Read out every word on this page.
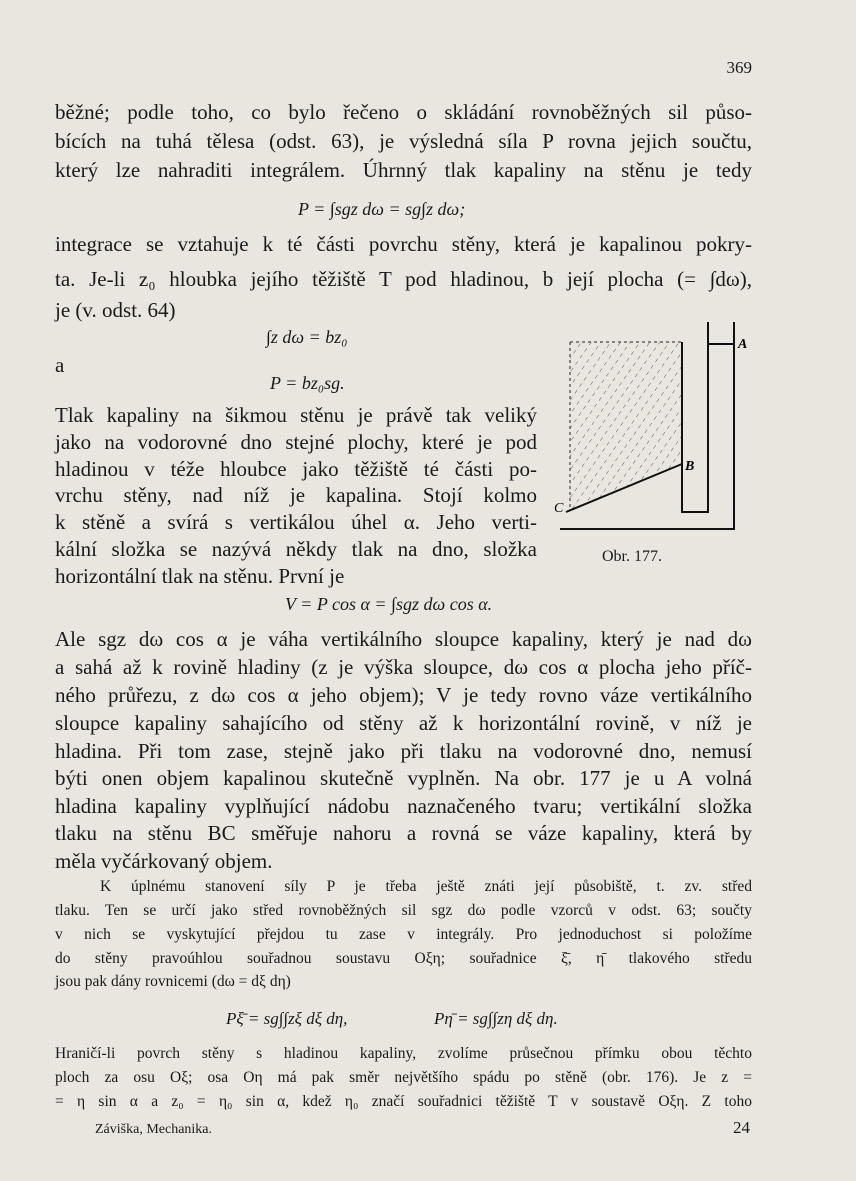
369
běžné; podle toho, co bylo řečeno o skládání rovnoběžných sil půso-
bících na tuhá tělesa (odst. 63), je výsledná síla P rovna jejich součtu,
který lze nahraditi integrálem. Úhrnný tlak kapaliny na stěnu je tedy
P = ∫sgz dω = sg∫z dω;
integrace se vztahuje k té části povrchu stěny, která je kapalinou pokry-
ta. Je-li z₀ hloubka jejího těžiště T pod hladinou, b její plocha (= ∫dω),
je (v. odst. 64)
∫z dω = bz₀
a
P = bz₀sg.
Tlak kapaliny na šikmou stěnu je právě tak veliký
jako na vodorovné dno stejné plochy, které je pod
hladinou v téže hloubce jako těžiště té části po-
vrchu stěny, nad níž je kapalina. Stojí kolmo
k stěně a svírá s vertikálou úhel α. Jeho verti-
kální složka se nazývá někdy tlak na dno, složka
horizontální tlak na stěnu. První je
V = P cos α = ∫sgz dω cos α.
Ale sgz dω cos α je váha vertikálního sloupce kapaliny, který je nad dω
a sahá až k rovině hladiny (z je výška sloupce, dω cos α plocha jeho příč-
ného průřezu, z dω cos α jeho objem); V je tedy rovno váze vertikálního
sloupce kapaliny sahajícího od stěny až k horizontální rovině, v níž je
hladina. Při tom zase, stejně jako při tlaku na vodorovné dno, nemusí
býti onen objem kapalinou skutečně vyplněn. Na obr. 177 je u A volná
hladina kapaliny vyplňující nádobu naznačeného tvaru; vertikální složka
tlaku na stěnu BC směřuje nahoru a rovná se váze kapaliny, která by
měla vyčárkovaný objem.
K úplnému stanovení síly P je třeba ještě znáti její působiště, t. zv. střed
tlaku. Ten se určí jako střed rovnoběžných sil sgz dω podle vzorců v odst. 63; součty
v nich se vyskytující přejdou tu zase v integrály. Pro jednoduchost si položíme
do stěny pravoúhlou souřadnou soustavu Oξη; souřadnice ξ̄, η̄ tlakového středu
jsou pak dány rovnicemi (dω = dξ dη)
Pξ̄ = sg∫∫zξ dξ dη,	Pη̄ = sg∫∫zη dξ dη.
Hraničí-li povrch stěny s hladinou kapaliny, zvolíme průsečnou přímku obou těchto
ploch za osu Oξ; osa Oη má pak směr největšího spádu po stěně (obr. 176). Je z =
= η sin α a z₀ = η₀ sin α, kdež η₀ značí souřadnici těžiště T v soustavě Oξη. Z toho
A
B
C
Obr. 177.
Záviška, Mechanika.	24
